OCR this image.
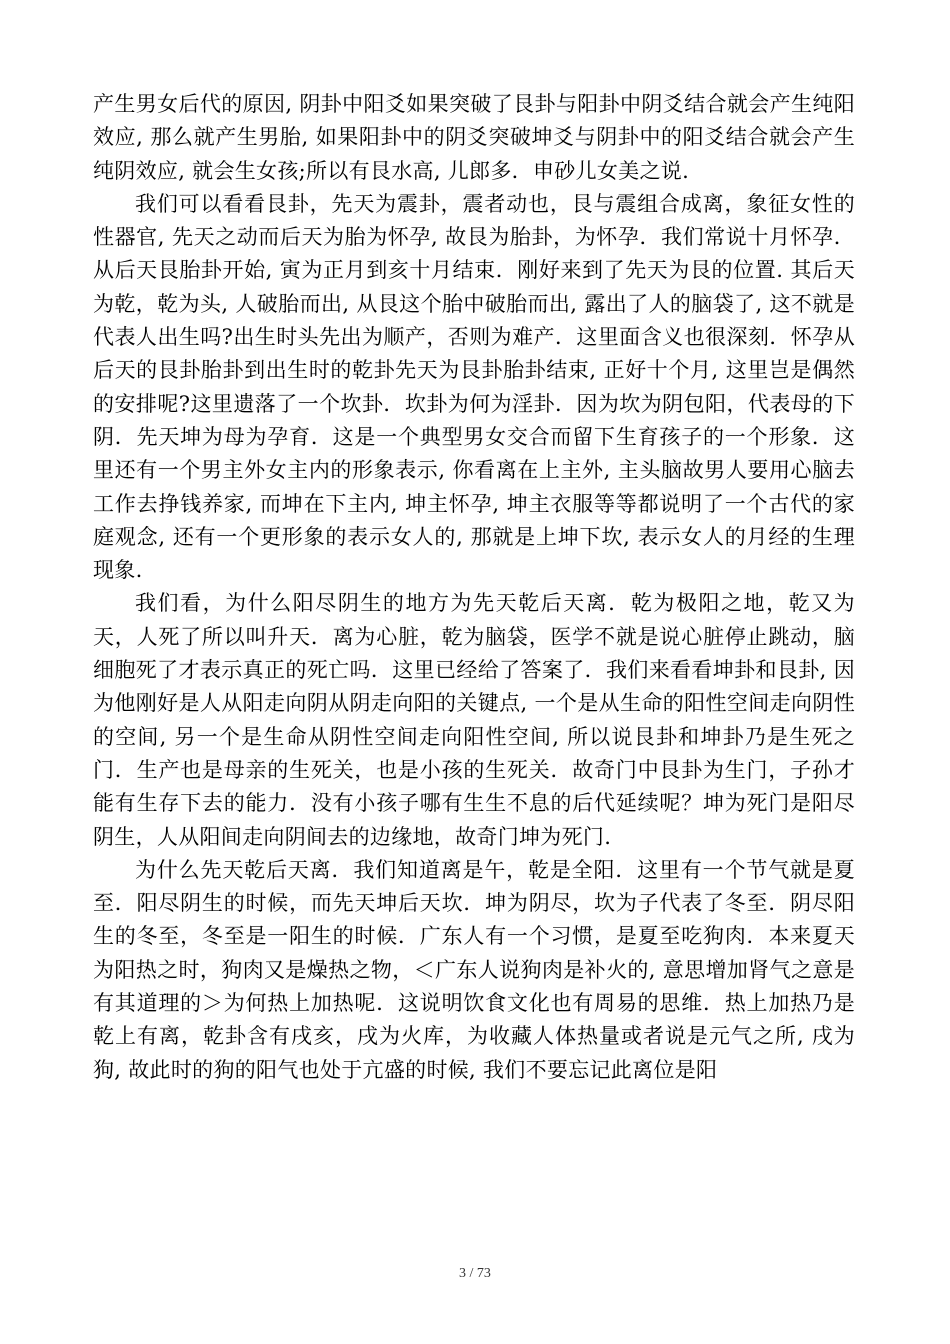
产生男女后代的原因, 阴卦中阳爻如果突破了艮卦与阳卦中阴爻结合就会产生纯阳效应, 那么就产生男胎, 如果阳卦中的阴爻突破坤爻与阴卦中的阳爻结合就会产生纯阴效应, 就会生女孩;所以有艮水高, 儿郎多．申砂儿女美之说.

我们可以看看艮卦，先天为震卦，震者动也，艮与震组合成离，象征女性的性器官, 先天之动而后天为胎为怀孕, 故艮为胎卦，为怀孕．我们常说十月怀孕．从后天艮胎卦开始, 寅为正月到亥十月结束．刚好来到了先天为艮的位置. 其后天为乾，乾为头, 人破胎而出, 从艮这个胎中破胎而出, 露出了人的脑袋了, 这不就是代表人出生吗?出生时头先出为顺产，否则为难产．这里面含义也很深刻．怀孕从后天的艮卦胎卦到出生时的乾卦先天为艮卦胎卦结束, 正好十个月, 这里岂是偶然的安排呢?这里遗落了一个坎卦．坎卦为何为淫卦．因为坎为阴包阳，代表母的下阴．先天坤为母为孕育．这是一个典型男女交合而留下生育孩子的一个形象．这里还有一个男主外女主内的形象表示, 你看离在上主外, 主头脑故男人要用心脑去工作去挣钱养家, 而坤在下主内, 坤主怀孕, 坤主衣服等等都说明了一个古代的家庭观念, 还有一个更形象的表示女人的, 那就是上坤下坎, 表示女人的月经的生理现象.

我们看，为什么阳尽阴生的地方为先天乾后天离．乾为极阳之地，乾又为天，人死了所以叫升天．离为心脏，乾为脑袋，医学不就是说心脏停止跳动，脑细胞死了才表示真正的死亡吗．这里已经给了答案了．我们来看看坤卦和艮卦, 因为他刚好是人从阳走向阴从阴走向阳的关键点, 一个是从生命的阳性空间走向阴性的空间, 另一个是生命从阴性空间走向阳性空间, 所以说艮卦和坤卦乃是生死之门．生产也是母亲的生死关，也是小孩的生死关．故奇门中艮卦为生门，子孙才能有生存下去的能力．没有小孩子哪有生生不息的后代延续呢？坤为死门是阳尽阴生，人从阳间走向阴间去的边缘地，故奇门坤为死门.

为什么先天乾后天离．我们知道离是午，乾是全阳．这里有一个节气就是夏至．阳尽阴生的时候，而先天坤后天坎．坤为阴尽，坎为子代表了冬至．阴尽阳生的冬至，冬至是一阳生的时候．广东人有一个习惯，是夏至吃狗肉．本来夏天为阳热之时，狗肉又是燥热之物，＜广东人说狗肉是补火的, 意思增加肾气之意是有其道理的＞为何热上加热呢．这说明饮食文化也有周易的思维．热上加热乃是乾上有离，乾卦含有戌亥，戌为火库，为收藏人体热量或者说是元气之所, 戌为狗, 故此时的狗的阳气也处于亢盛的时候, 我们不要忘记此离位是阳

3 / 73
